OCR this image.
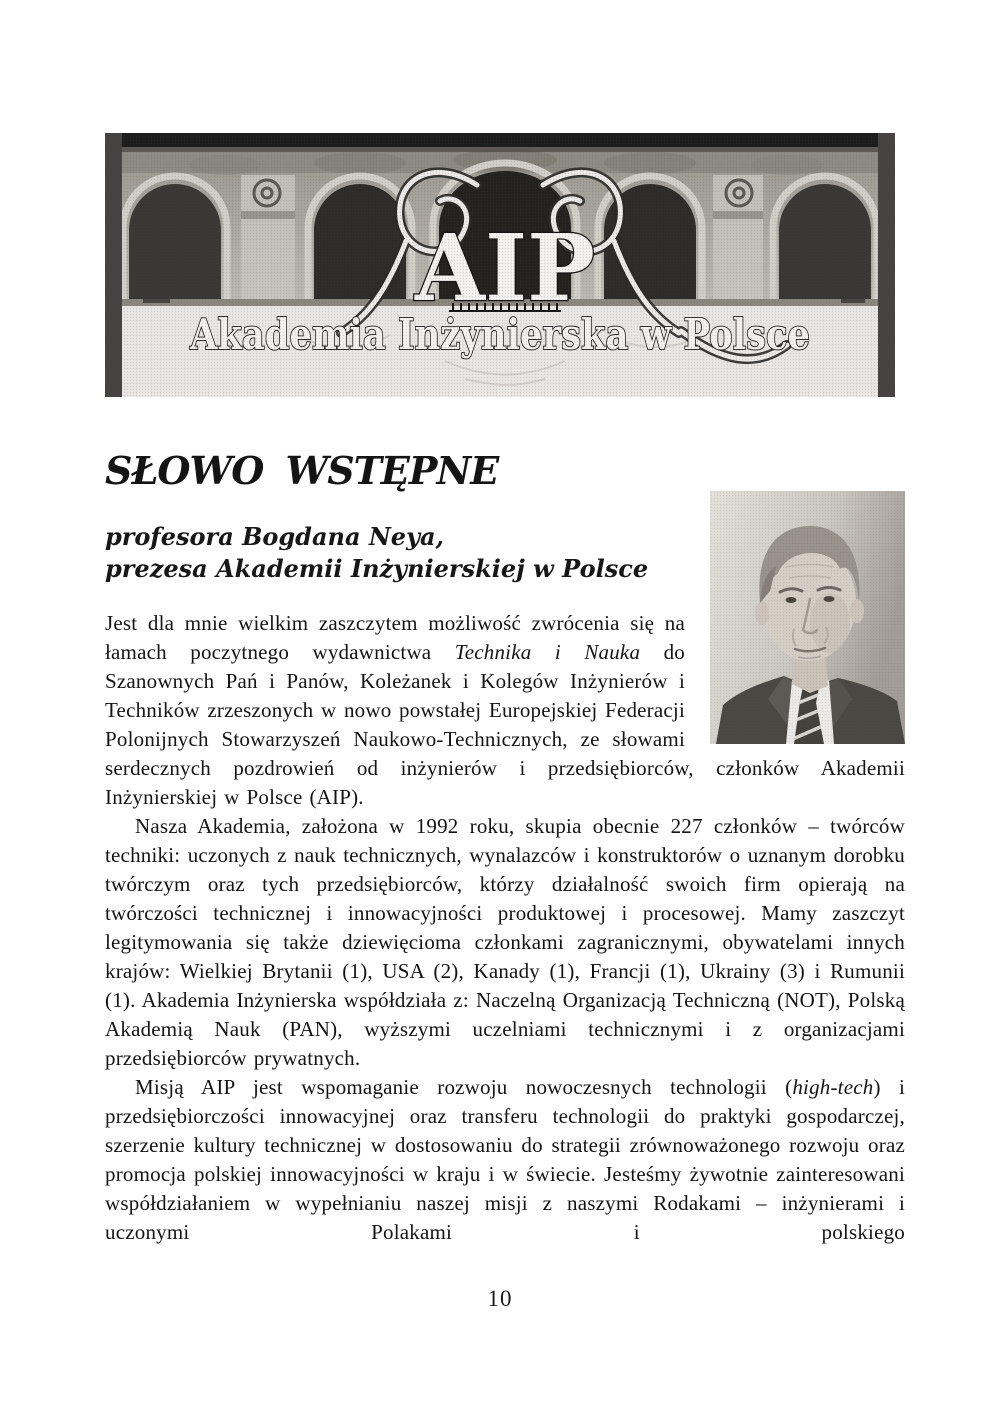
AIP
Akademia Inżynierska w Polsce
SŁOWO WSTĘPNE
profesora Bogdana Neya,
prezesa Akademii Inżynierskiej w Polsce

Jest dla mnie wielkim zaszczytem możliwość zwrócenia się na łamach poczytnego wydawnictwa Technika i Nauka do Szanownych Pań i Panów, Koleżanek i Kolegów Inżynierów i Techników zrzeszonych w nowo powstałej Europejskiej Federacji Polonijnych Stowarzyszeń Naukowo-Technicznych, ze słowami serdecznych pozdrowień od inżynierów i przedsiębiorców, członków Akademii Inżynierskiej w Polsce (AIP).

Nasza Akademia, założona w 1992 roku, skupia obecnie 227 członków – twórców techniki: uczonych z nauk technicznych, wynalazców i konstruktorów o uznanym dorobku twórczym oraz tych przedsiębiorców, którzy działalność swoich firm opierają na twórczości technicznej i innowacyjności produktowej i procesowej. Mamy zaszczyt legitymowania się także dziewięcioma członkami zagranicznymi, obywatelami innych krajów: Wielkiej Brytanii (1), USA (2), Kanady (1), Francji (1), Ukrainy (3) i Rumunii (1). Akademia Inżynierska współdziała z: Naczelną Organizacją Techniczną (NOT), Polską Akademią Nauk (PAN), wyższymi uczelniami technicznymi i z organizacjami przedsiębiorców prywatnych.

Misją AIP jest wspomaganie rozwoju nowoczesnych technologii (high-tech) i przedsiębiorczości innowacyjnej oraz transferu technologii do praktyki gospodarczej, szerzenie kultury technicznej w dostosowaniu do strategii zrównoważonego rozwoju oraz promocja polskiej innowacyjności w kraju i w świecie. Jesteśmy żywotnie zainteresowani współdziałaniem w wypełnianiu naszej misji z naszymi Rodakami – inżynierami i uczonymi Polakami i polskiego

10
